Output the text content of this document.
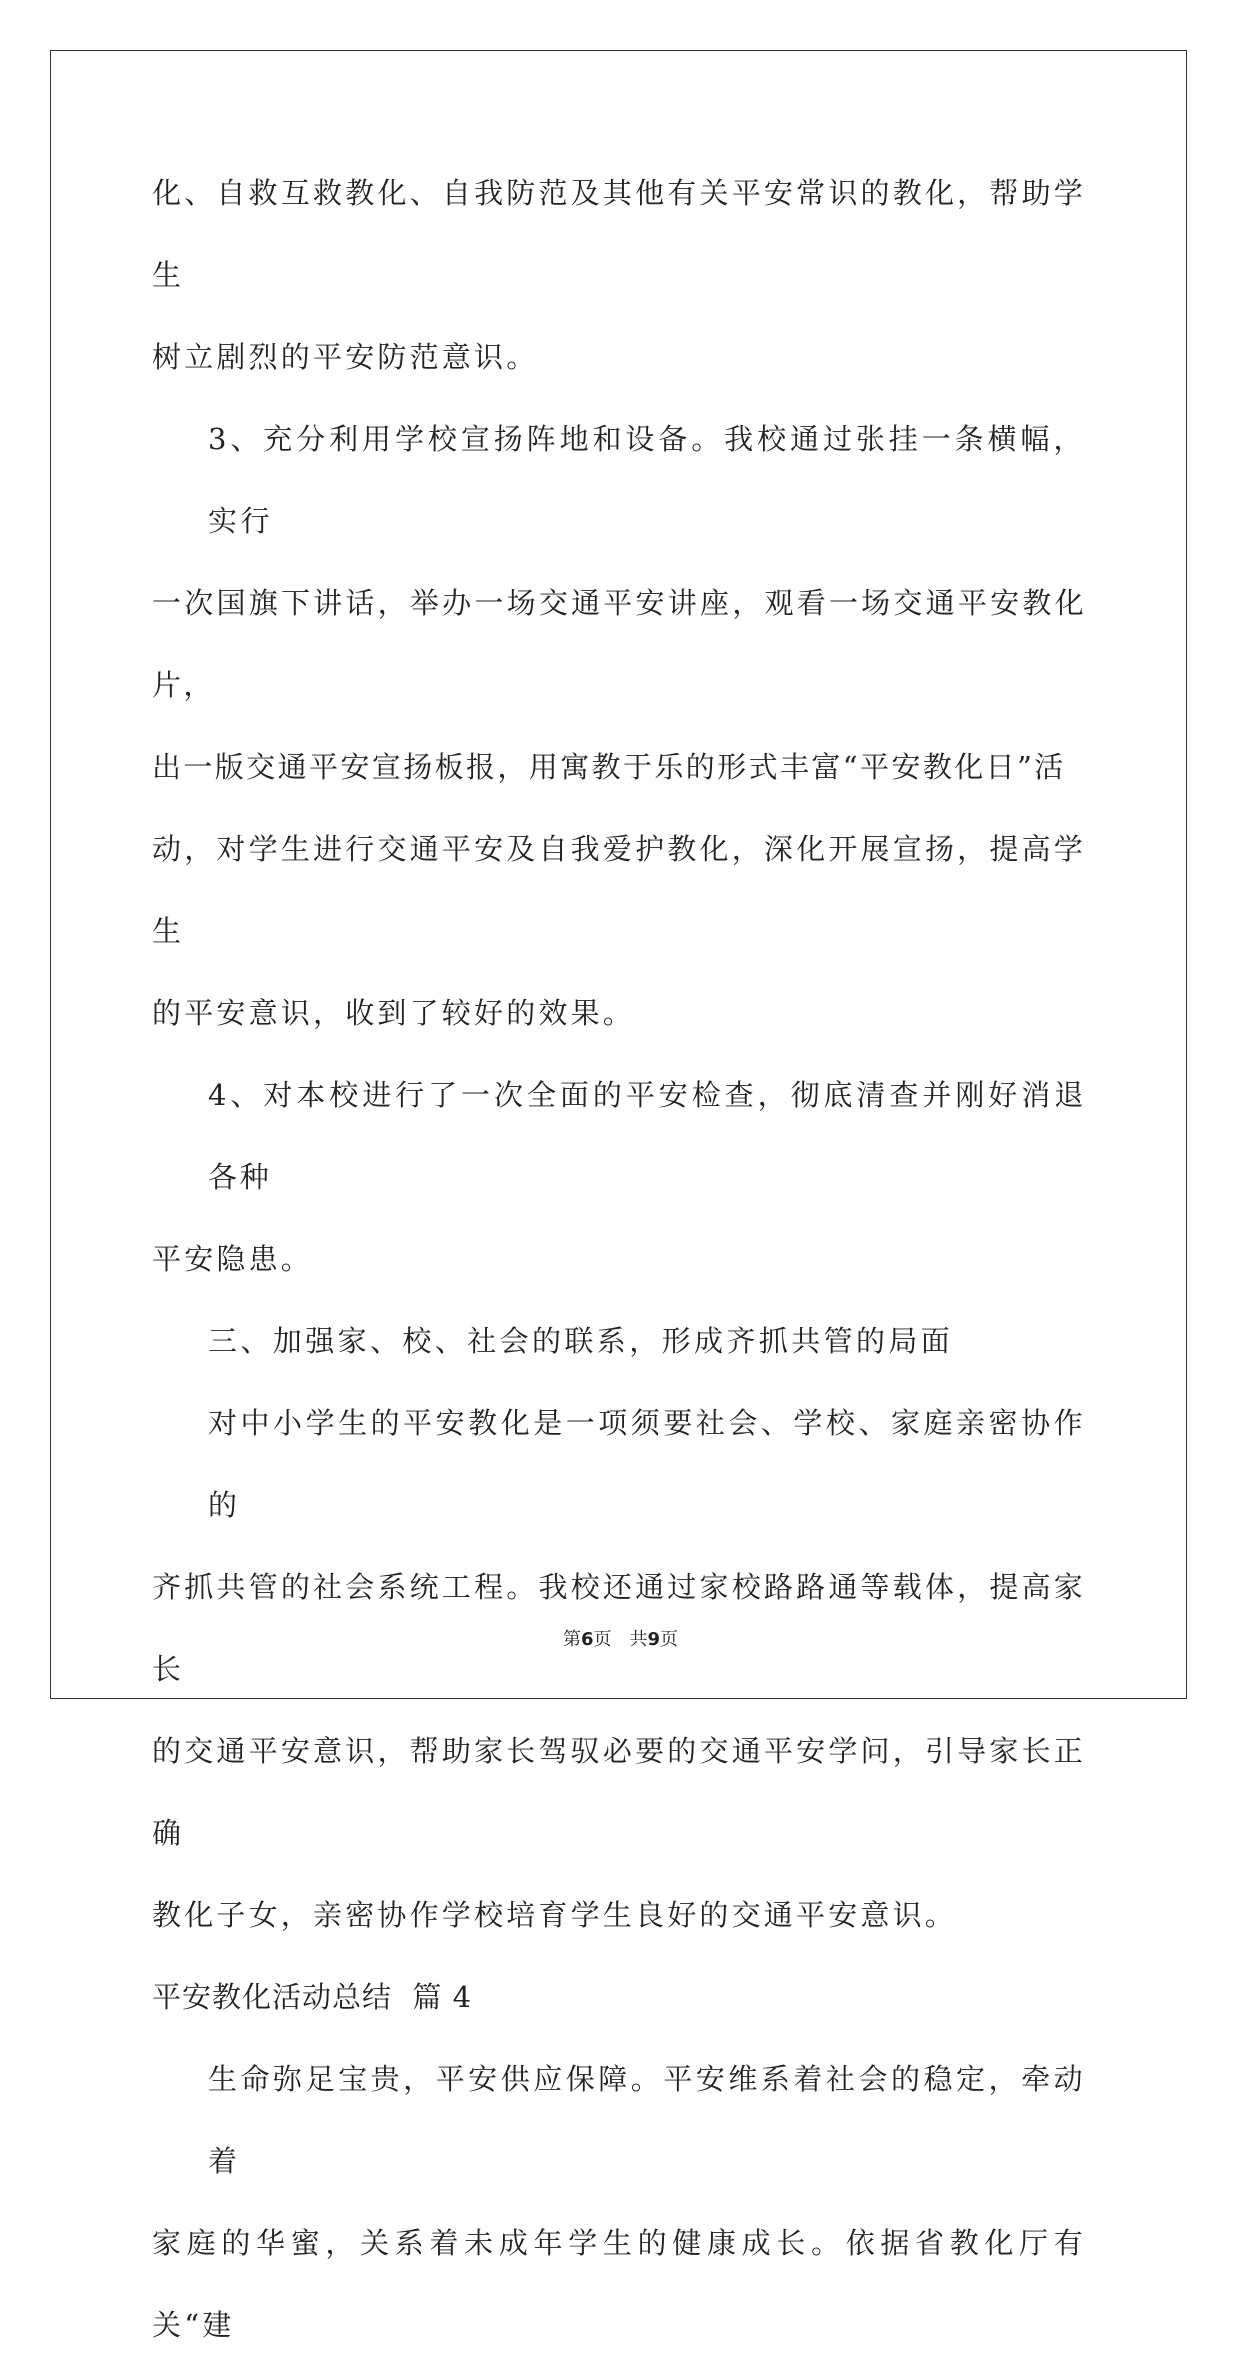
化、自救互救教化、自我防范及其他有关平安常识的教化，帮助学生
树立剧烈的平安防范意识。
3、充分利用学校宣扬阵地和设备。我校通过张挂一条横幅，实行
一次国旗下讲话，举办一场交通平安讲座，观看一场交通平安教化片，
出一版交通平安宣扬板报，用寓教于乐的形式丰富“平安教化日”活
动，对学生进行交通平安及自我爱护教化，深化开展宣扬，提高学生
的平安意识，收到了较好的效果。
4、对本校进行了一次全面的平安检查，彻底清查并刚好消退各种
平安隐患。
三、加强家、校、社会的联系，形成齐抓共管的局面
对中小学生的平安教化是一项须要社会、学校、家庭亲密协作的
齐抓共管的社会系统工程。我校还通过家校路路通等载体，提高家长
的交通平安意识，帮助家长驾驭必要的交通平安学问，引导家长正确
教化子女，亲密协作学校培育学生良好的交通平安意识。
平安教化活动总结  篇 4
生命弥足宝贵，平安供应保障。平安维系着社会的稳定，牵动着
家庭的华蜜，关系着未成年学生的健康成长。依据省教化厅有关“建
第6页 共9页
